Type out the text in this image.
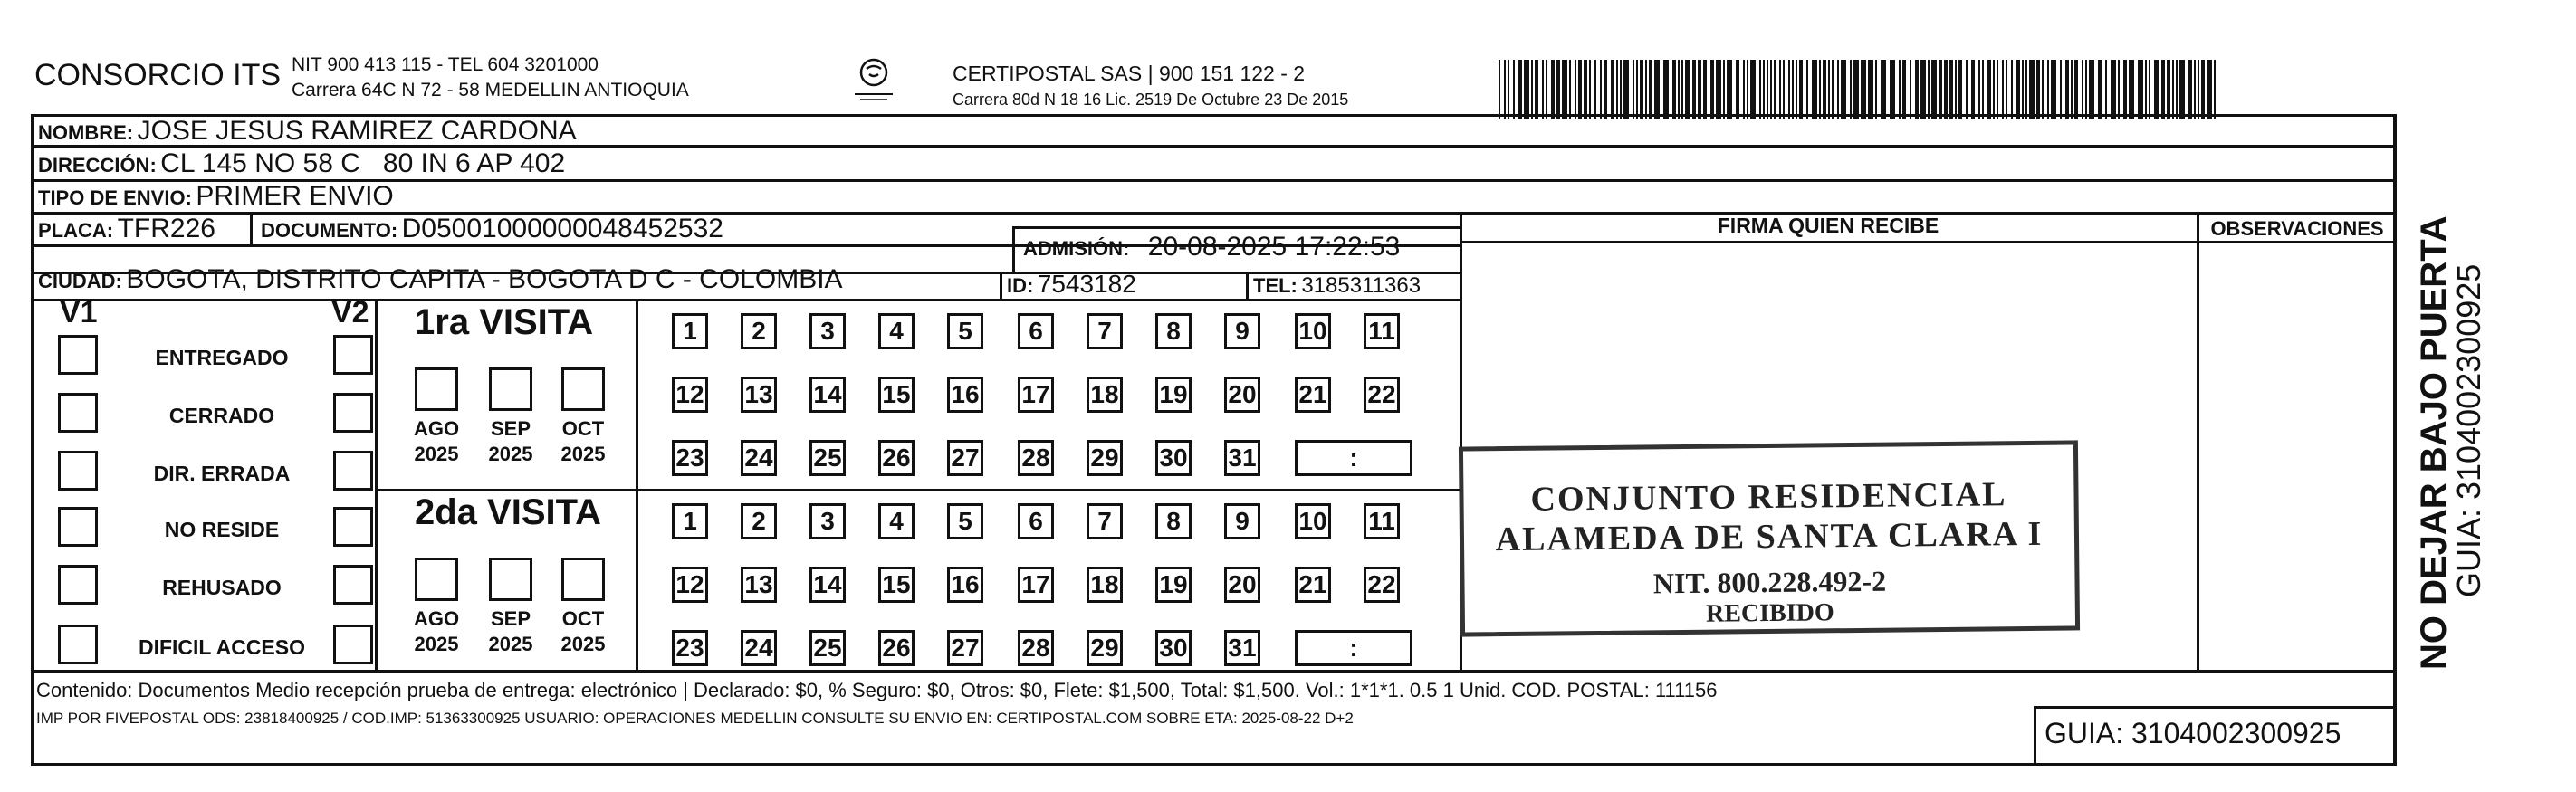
CONSORCIO ITS NIT 900 413 115 - TEL 604 3201000
Carrera 64C N 72 - 58 MEDELLIN ANTIOQUIA
CERTIPOSTAL SAS | 900 151 122 - 2
Carrera 80d N 18 16 Lic. 2519 De Octubre 23 De 2015
NOMBRE: JOSE JESUS RAMIREZ CARDONA
DIRECCIÓN: CL 145 NO 58 C   80 IN 6 AP 402
TIPO DE ENVIO: PRIMER ENVIO
PLACA: TFR226 DOCUMENTO: D05001000000048452532
ADMISIÓN: 20-08-2025 17:22:53
CIUDAD: BOGOTA, DISTRITO CAPITA - BOGOTA D C - COLOMBIA	ID: 7543182	TEL: 3185311363
FIRMA QUIEN RECIBE	OBSERVACIONES
CONJUNTO RESIDENCIAL
ALAMEDA DE SANTA CLARA I
NIT. 800.228.492-2
RECIBIDO
V1	V2
ENTREGADO
CERRADO
DIR. ERRADA
NO RESIDE
REHUSADO
DIFICIL ACCESO
1ra VISITA
AGO
2025
SEP
2025
OCT
2025
1	2	3	4	5	6	7	8	9	10 11
12 13 14 15 16 17 18 19 20 21 22
23 24 25 26 27 28 29 30 31	:
2da VISITA
AGO
2025
SEP
2025
OCT
2025
1	2	3	4	5	6	7	8	9	10 11
12 13 14 15 16 17 18 19 20 21 22
23 24 25 26 27 28 29 30 31	:
Contenido: Documentos Medio recepción prueba de entrega: electrónico | Declarado: $0, % Seguro: $0, Otros: $0, Flete: $1,500, Total: $1,500. Vol.: 1*1*1. 0.5 1 Unid. COD. POSTAL: 111156
IMP POR FIVEPOSTAL ODS: 23818400925 / COD.IMP: 51363300925 USUARIO: OPERACIONES MEDELLIN CONSULTE SU ENVIO EN: CERTIPOSTAL.COM SOBRE ETA: 2025-08-22 D+2	GUIA: 3104002300925
NO DEJAR BAJO PUERTA
GUIA: 3104002300925
